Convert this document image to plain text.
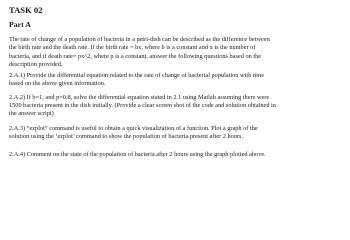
TASK 02
Part A
The rate of change of a population of bacteria in a petri-dish can be described as the difference between
the birth rate and the death rate. If the birth rate = bx, where b is a constant and x is the number of
bacteria, and if death rate= px^2, where p is a constant, answer the following questions based on the
description provided.
2.A.1) Provide the differential equation related to the rate of change of bacterial population with time
based on the above given information.
2.A.2) If b=1, and p=0.8, solve the differential equation stated in 2.1 using Matlab assuming there were
1500 bacteria present in the dish initially. (Provide a clear screen shot of the code and solution obtained in
the answer script)
2.A.3) “ezplot” command is useful to obtain a quick visualization of a function. Plot a graph of the
solution using the ‘ezplot’ command to show the population of bacteria present after 2 hours.
2.A.4) Comment on the state of the population of bacteria after 2 hours using the graph plotted above.
